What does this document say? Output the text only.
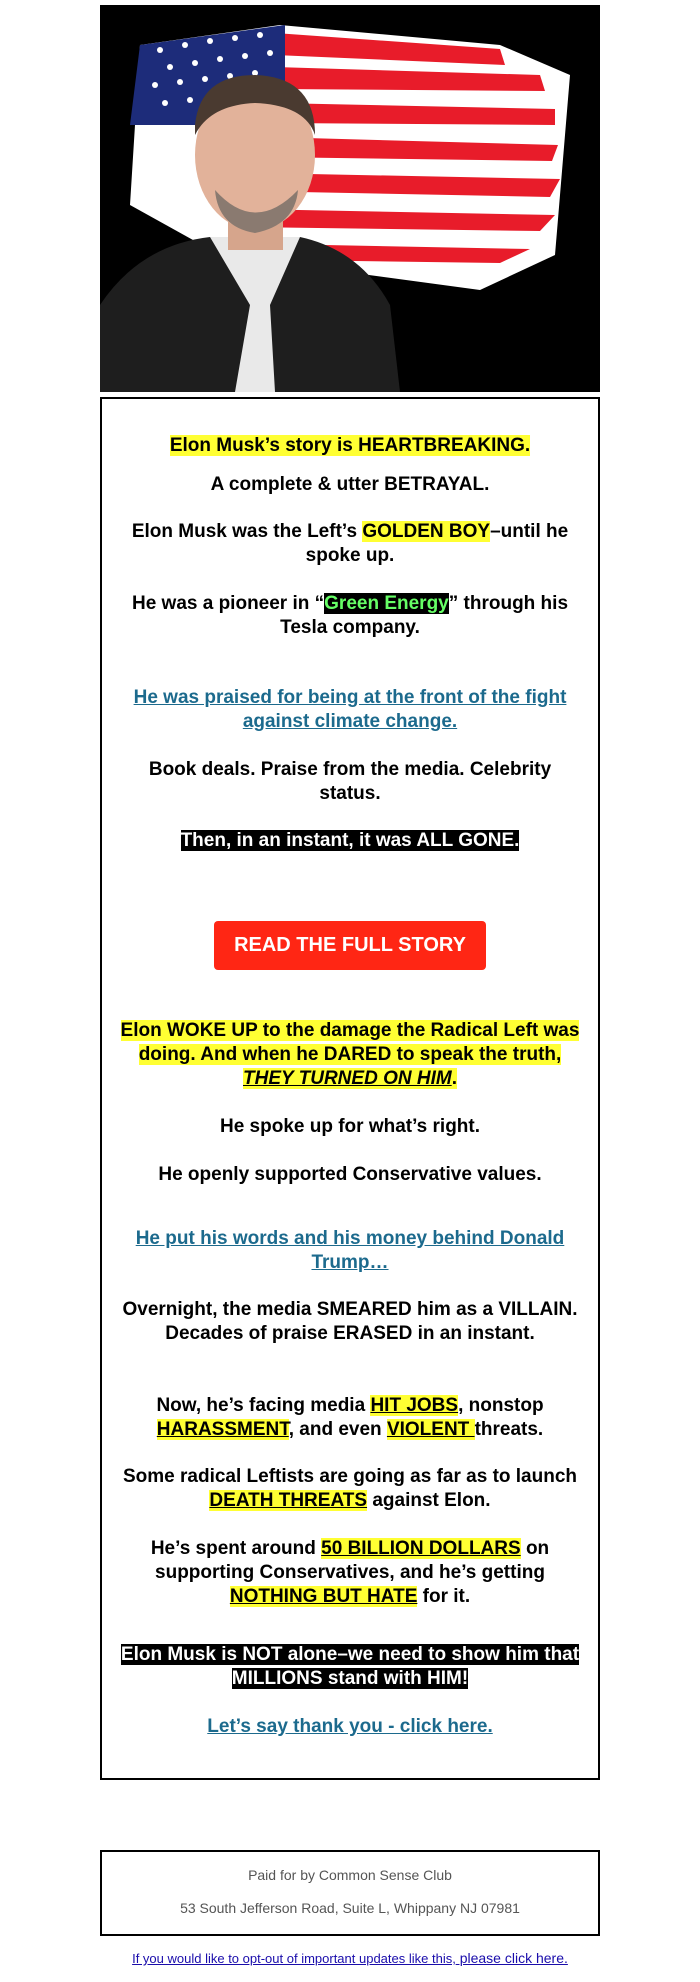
Elon Musk’s story is HEARTBREAKING.

A complete & utter BETRAYAL.

Elon Musk was the Left’s GOLDEN BOY–until he spoke up.

He was a pioneer in “Green Energy” through his Tesla company.

He was praised for being at the front of the fight against climate change.

Book deals. Praise from the media. Celebrity status.

Then, in an instant, it was ALL GONE.

READ THE FULL STORY

Elon WOKE UP to the damage the Radical Left was doing. And when he DARED to speak the truth, THEY TURNED ON HIM.

He spoke up for what’s right.

He openly supported Conservative values.

He put his words and his money behind Donald Trump…

Overnight, the media SMEARED him as a VILLAIN. Decades of praise ERASED in an instant.

Now, he’s facing media HIT JOBS, nonstop HARASSMENT, and even VIOLENT threats.

Some radical Leftists are going as far as to launch DEATH THREATS against Elon.

He’s spent around 50 BILLION DOLLARS on supporting Conservatives, and he’s getting NOTHING BUT HATE for it.

Elon Musk is NOT alone–we need to show him that MILLIONS stand with HIM!

Let’s say thank you - click here.

Paid for by Common Sense Club
53 South Jefferson Road, Suite L, Whippany NJ 07981
If you would like to opt-out of important updates like this, please click here.
